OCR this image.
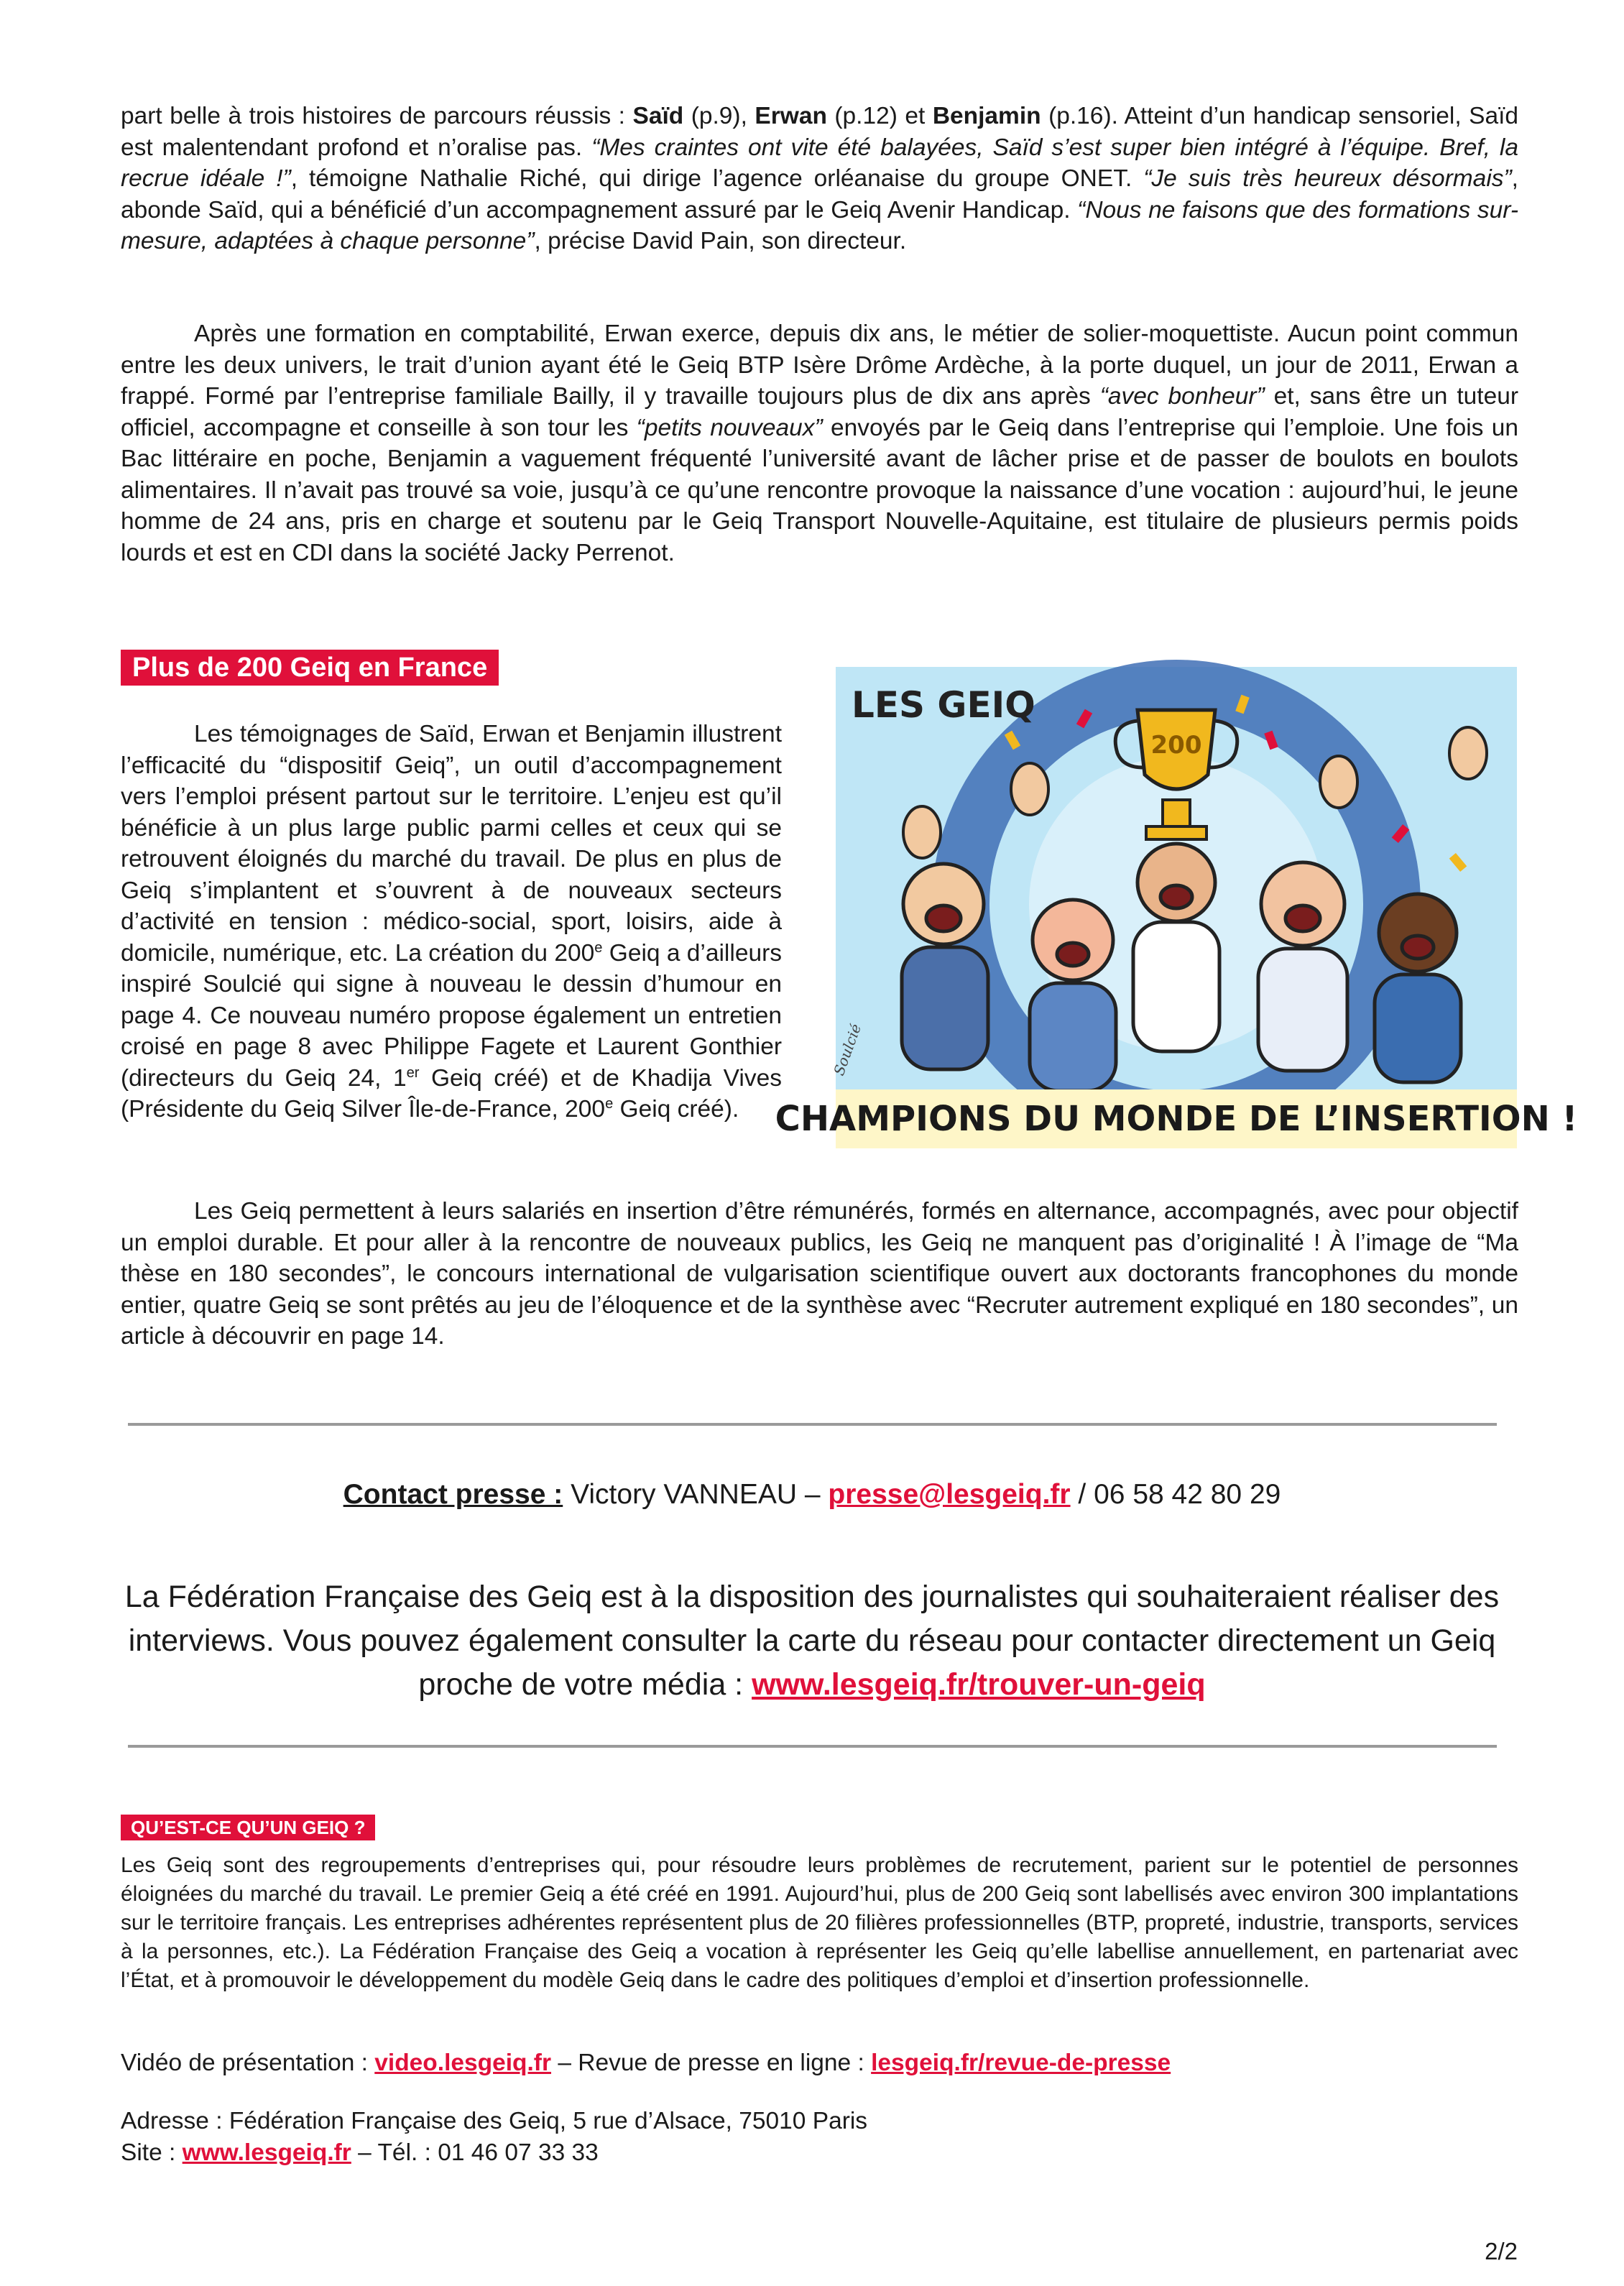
part belle à trois histoires de parcours réussis : Saïd (p.9), Erwan (p.12) et Benjamin (p.16). Atteint d’un handicap sensoriel, Saïd est malentendant profond et n’oralise pas. “Mes craintes ont vite été balayées, Saïd s’est super bien intégré à l’équipe. Bref, la recrue idéale !”, témoigne Nathalie Riché, qui dirige l’agence orléanaise du groupe ONET. “Je suis très heureux désormais”, abonde Saïd, qui a bénéficié d’un accompagnement assuré par le Geiq Avenir Handicap. “Nous ne faisons que des formations sur-mesure, adaptées à chaque personne”, précise David Pain, son directeur.

Après une formation en comptabilité, Erwan exerce, depuis dix ans, le métier de solier-moquettiste. Aucun point commun entre les deux univers, le trait d’union ayant été le Geiq BTP Isère Drôme Ardèche, à la porte duquel, un jour de 2011, Erwan a frappé. Formé par l’entreprise familiale Bailly, il y travaille toujours plus de dix ans après “avec bonheur” et, sans être un tuteur officiel, accompagne et conseille à son tour les “petits nouveaux” envoyés par le Geiq dans l’entreprise qui l’emploie. Une fois un Bac littéraire en poche, Benjamin a vaguement fréquenté l’université avant de lâcher prise et de passer de boulots en boulots alimentaires. Il n’avait pas trouvé sa voie, jusqu’à ce qu’une rencontre provoque la naissance d’une vocation : aujourd’hui, le jeune homme de 24 ans, pris en charge et soutenu par le Geiq Transport Nouvelle-Aquitaine, est titulaire de plusieurs permis poids lourds et est en CDI dans la société Jacky Perrenot.

Plus de 200 Geiq en France

Les témoignages de Saïd, Erwan et Benjamin illustrent l’efficacité du “dispositif Geiq”, un outil d’accompagnement vers l’emploi présent partout sur le territoire. L’enjeu est qu’il bénéficie à un plus large public parmi celles et ceux qui se retrouvent éloignés du marché du travail. De plus en plus de Geiq s’implantent et s’ouvrent à de nouveaux secteurs d’activité en tension : médico-social, sport, loisirs, aide à domicile, numérique, etc. La création du 200e Geiq a d’ailleurs inspiré Soulcié qui signe à nouveau le dessin d’humour en page 4. Ce nouveau numéro propose également un entretien croisé en page 8 avec Philippe Fagete et Laurent Gonthier (directeurs du Geiq 24, 1er Geiq créé) et de Khadija Vives (Présidente du Geiq Silver Île-de-France, 200e Geiq créé).

200
LES GEIQ
CHAMPIONS DU MONDE DE L’INSERTION !
Soulcié

Les Geiq permettent à leurs salariés en insertion d’être rémunérés, formés en alternance, accompagnés, avec pour objectif un emploi durable. Et pour aller à la rencontre de nouveaux publics, les Geiq ne manquent pas d’originalité ! À l’image de “Ma thèse en 180 secondes”, le concours international de vulgarisation scientifique ouvert aux doctorants francophones du monde entier, quatre Geiq se sont prêtés au jeu de l’éloquence et de la synthèse avec “Recruter autrement expliqué en 180 secondes”, un article à découvrir en page 14.

Contact presse : Victory VANNEAU – presse@lesgeiq.fr / 06 58 42 80 29

La Fédération Française des Geiq est à la disposition des journalistes qui souhaiteraient réaliser des interviews. Vous pouvez également consulter la carte du réseau pour contacter directement un Geiq proche de votre média : www.lesgeiq.fr/trouver-un-geiq

QU’EST-CE QU’UN GEIQ ?

Les Geiq sont des regroupements d’entreprises qui, pour résoudre leurs problèmes de recrutement, parient sur le potentiel de personnes éloignées du marché du travail. Le premier Geiq a été créé en 1991. Aujourd’hui, plus de 200 Geiq sont labellisés avec environ 300 implantations sur le territoire français. Les entreprises adhérentes représentent plus de 20 filières professionnelles (BTP, propreté, industrie, transports, services à la personnes, etc.). La Fédération Française des Geiq a vocation à représenter les Geiq qu’elle labellise annuellement, en partenariat avec l’État, et à promouvoir le développement du modèle Geiq dans le cadre des politiques d’emploi et d’insertion professionnelle.

Vidéo de présentation : video.lesgeiq.fr – Revue de presse en ligne : lesgeiq.fr/revue-de-presse

Adresse : Fédération Française des Geiq, 5 rue d’Alsace, 75010 Paris

Site : www.lesgeiq.fr – Tél. : 01 46 07 33 33

2/2
